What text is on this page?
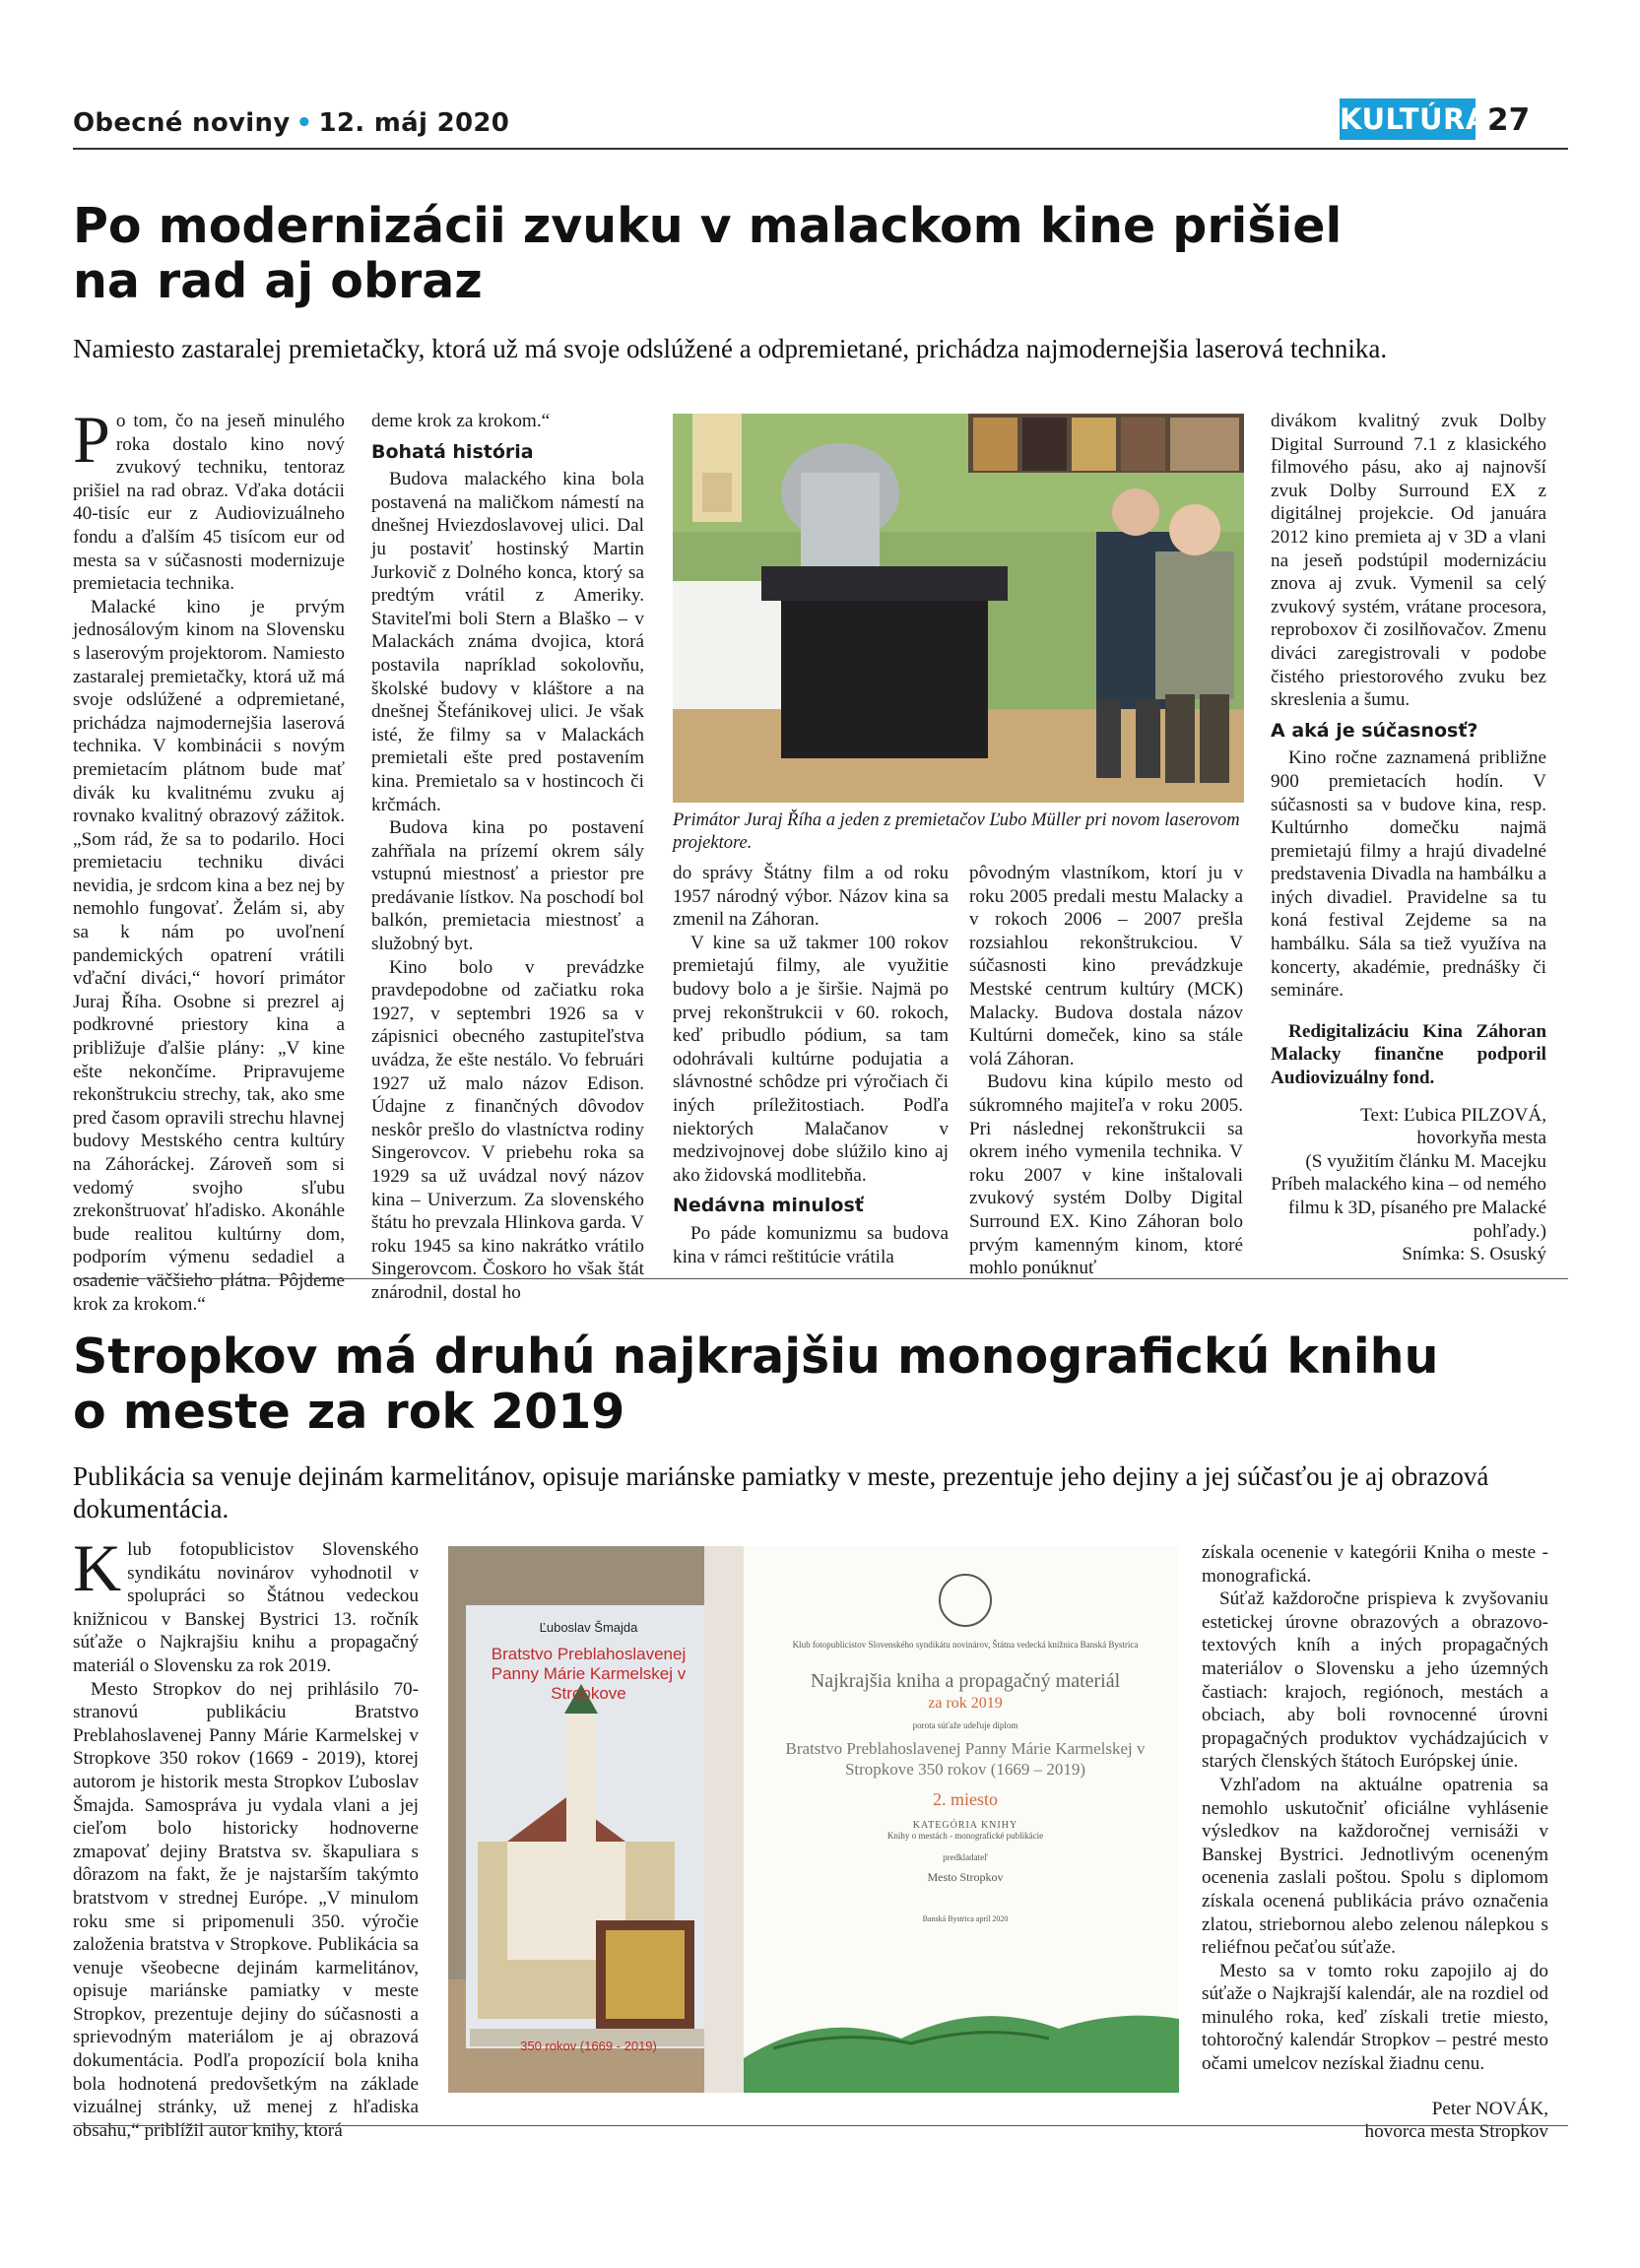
Obecné noviny • 12. máj 2020	KULTÚRA 27
Po modernizácii zvuku v malackom kine prišiel
na rad aj obraz
Namiesto zastaralej premietačky, ktorá už má svoje odslúžené a odpremietané, prichádza najmodernejšia laserová technika.

Po tom, čo na jeseň minulého roka dostalo kino nový zvukový techniku, tentoraz prišiel na rad obraz. Vďaka dotácii 40-tisíc eur z Audiovizuálneho fondu a ďalším 45 tisícom eur od mesta sa v súčasnosti modernizuje premietacia technika.

Malacké kino je prvým jednosálovým kinom na Slovensku s laserovým projektorom. Namiesto zastaralej premietačky, ktorá už má svoje odslúžené a odpremietané, prichádza najmodernejšia laserová technika. V kombinácii s novým premietacím plátnom bude mať divák ku kvalitnému zvuku aj rovnako kvalitný obrazový zážitok. „Som rád, že sa to podarilo. Hoci premietaciu techniku diváci nevidia, je srdcom kina a bez nej by nemohlo fungovať. Želám si, aby sa k nám po uvoľnení pandemických opatrení vrátili vďační diváci,“ hovorí primátor Juraj Říha. Osobne si prezrel aj podkrovné priestory kina a približuje ďalšie plány: „V kine ešte nekončíme. Pripravujeme rekonštrukciu strechy, tak, ako sme pred časom opravili strechu hlavnej budovy Mestského centra kultúry na Záhoráckej. Zároveň som si vedomý svojho sľubu zrekonštruovať hľadisko. Akonáhle bude realitou kultúrny dom, podporím výmenu sedadiel a osadenie väčšieho plátna. Pôjdeme krok za krokom.“

deme krok za krokom.“

Bohatá história

Budova malackého kina bola postavená na maličkom námestí na dnešnej Hviezdoslavovej ulici. Dal ju postaviť hostinský Martin Jurkovič z Dolného konca, ktorý sa predtým vrátil z Ameriky. Staviteľmi boli Stern a Blaško – v Malackách známa dvojica, ktorá postavila napríklad sokolovňu, školské budovy v kláštore a na dnešnej Štefánikovej ulici. Je však isté, že filmy sa v Malackách premietali ešte pred postavením kina. Premietalo sa v hostincoch či krčmách.

Budova kina po postavení zahŕňala na prízemí okrem sály vstupnú miestnosť a priestor pre predávanie lístkov. Na poschodí bol balkón, premietacia miestnosť a služobný byt.

Kino bolo v prevádzke pravdepodobne od začiatku roka 1927, v septembri 1926 sa v zápisnici obecného zastupiteľstva uvádza, že ešte nestálo. Vo februári 1927 už malo názov Edison. Údajne z finančných dôvodov neskôr prešlo do vlastníctva rodiny Singerovcov. V priebehu roka sa 1929 sa už uvádzal nový názov kina – Univerzum. Za slovenského štátu ho prevzala Hlinkova garda. V roku 1945 sa kino nakrátko vrátilo Singerovcom. Čoskoro ho však štát znárodnil, dostal ho

Primátor Juraj Říha a jeden z premietačov Ľubo Müller pri novom laserovom projektore.

do správy Štátny film a od roku 1957 národný výbor. Názov kina sa zmenil na Záhoran.

V kine sa už takmer 100 rokov premietajú filmy, ale využitie budovy bolo a je širšie. Najmä po prvej rekonštrukcii v 60. rokoch, keď pribudlo pódium, sa tam odohrávali kultúrne podujatia a slávnostné schôdze pri výročiach či iných príležitostiach. Podľa niektorých Malačanov v medzivojnovej dobe slúžilo kino aj ako židovská modlitebňa.

Nedávna minulosť

Po páde komunizmu sa budova kina v rámci reštitúcie vrátila

pôvodným vlastníkom, ktorí ju v roku 2005 predali mestu Malacky a v rokoch 2006 – 2007 prešla rozsiahlou rekonštrukciou. V súčasnosti kino prevádzkuje Mestské centrum kultúry (MCK) Malacky. Budova dostala názov Kultúrni domeček, kino sa stále volá Záhoran.

Budovu kina kúpilo mesto od súkromného majiteľa v roku 2005. Pri následnej rekonštrukcii sa okrem iného vymenila technika. V roku 2007 v kine inštalovali zvukový systém Dolby Digital Surround EX. Kino Záhoran bolo prvým kamenným kinom, ktoré mohlo ponúknuť

divákom kvalitný zvuk Dolby Digital Surround 7.1 z klasického filmového pásu, ako aj najnovší zvuk Dolby Surround EX z digitálnej projekcie. Od januára 2012 kino premieta aj v 3D a vlani na jeseň podstúpil modernizáciu znova aj zvuk. Vymenil sa celý zvukový systém, vrátane procesora, reproboxov či zosilňovačov. Zmenu diváci zaregistrovali v podobe čistého priestorového zvuku bez skreslenia a šumu.

A aká je súčasnosť?

Kino ročne zaznamená približne 900 premietacích hodín. V súčasnosti sa v budove kina, resp. Kultúrnho domečku najmä premietajú filmy a hrajú divadelné predstavenia Divadla na hambálku a iných divadiel. Pravidelne sa tu koná festival Zejdeme sa na hambálku. Sála sa tiež využíva na koncerty, akadémie, prednášky či semináre.

Redigitalizáciu Kina Záhoran Malacky finančne podporil Audiovizuálny fond.

Text: Ľubica PILZOVÁ,
hovorkyňa mesta
(S využitím článku M. Macejku Príbeh malackého kina – od nemého filmu k 3D, písaného pre Malacké pohľady.)
Snímka: S. Osuský
Stropkov má druhú najkrajšiu monografickú knihu
o meste za rok 2019
Publikácia sa venuje dejinám karmelitánov, opisuje mariánske pamiatky v meste, prezentuje jeho dejiny a jej súčasťou je aj obrazová dokumentácia.

Klub fotopublicistov Slovenského syndikátu novinárov vyhodnotil v spolupráci so Štátnou vedeckou knižnicou v Banskej Bystrici 13. ročník súťaže o Najkrajšiu knihu a propagačný materiál o Slovensku za rok 2019.

Mesto Stropkov do nej prihlásilo 70-stranovú publikáciu Bratstvo Preblahoslavenej Panny Márie Karmelskej v Stropkove 350 rokov (1669 - 2019), ktorej autorom je historik mesta Stropkov Ľuboslav Šmajda. Samospráva ju vydala vlani a jej cieľom bolo historicky hodnoverne zmapovať dejiny Bratstva sv. škapuliara s dôrazom na fakt, že je najstarším takýmto bratstvom v strednej Európe. „V minulom roku sme si pripomenuli 350. výročie založenia bratstva v Stropkove. Publikácia sa venuje všeobecne dejinám karmelitánov, opisuje mariánske pamiatky v meste Stropkov, prezentuje dejiny do súčasnosti a sprievodným materiálom je aj obrazová dokumentácia. Podľa propozícií bola kniha bola hodnotená predovšetkým na základe vizuálnej stránky, už menej z hľadiska obsahu,“ priblížil autor knihy, ktorá

Ľuboslav Šmajda
Bratstvo Preblahoslavenej Panny Márie Karmelskej v Stropkove
350 rokov (1669 - 2019)
Klub fotopublicistov Slovenského syndikátu novinárov, Štátna vedecká knižnica Banská Bystrica
Najkrajšia kniha a propagačný materiál
za rok 2019
porota súťaže udeľuje diplom
Bratstvo Preblahoslavenej Panny Márie Karmelskej v Stropkove 350 rokov (1669 – 2019)
2. miesto
KATEGÓRIA KNIHY
Knihy o mestách - monografické publikácie
predkladateľ
Mesto Stropkov
Banská Bystrica apríl 2020

získala ocenenie v kategórii Kniha o meste - monografická.

Súťaž každoročne prispieva k zvyšovaniu estetickej úrovne obrazových a obrazovo-textových kníh a iných propagačných materiálov o Slovensku a jeho územných častiach: krajoch, regiónoch, mestách a obciach, aby boli rovnocenné úrovni propagačných produktov vychádzajúcich v starých členských štátoch Európskej únie.

Vzhľadom na aktuálne opatrenia sa nemohlo uskutočniť oficiálne vyhlásenie výsledkov na každoročnej vernisáži v Banskej Bystrici. Jednotlivým oceneným ocenenia zaslali poštou. Spolu s diplomom získala ocenená publikácia právo označenia zlatou, striebornou alebo zelenou nálepkou s reliéfnou pečaťou súťaže.

Mesto sa v tomto roku zapojilo aj do súťaže o Najkrajší kalendár, ale na rozdiel od minulého roka, keď získali tretie miesto, tohtoročný kalendár Stropkov – pestré mesto očami umelcov nezískal žiadnu cenu.

Peter NOVÁK,
hovorca mesta Stropkov
